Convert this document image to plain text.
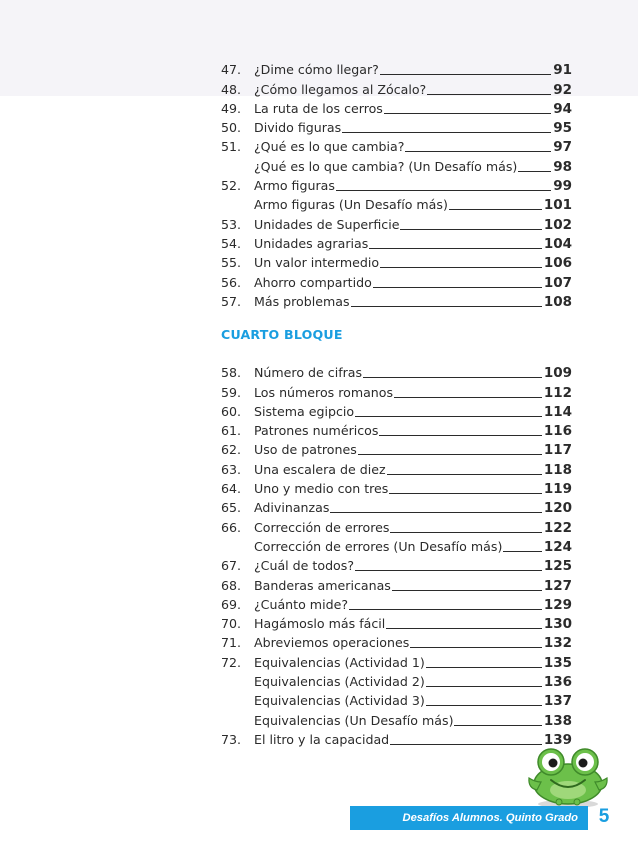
47.	¿Dime cómo llegar?	91
48.	¿Cómo llegamos al Zócalo?	92
49.	La ruta de los cerros	94
50.	Divido figuras	95
51.	¿Qué es lo que cambia?	97
¿Qué es lo que cambia? (Un Desafío más)	98
52.	Armo figuras	99
Armo figuras (Un Desafío más)	101
53.	Unidades de Superficie	102
54.	Unidades agrarias	104
55.	Un valor intermedio	106
56.	Ahorro compartido	107
57.	Más problemas	108
CUARTO BLOQUE
58.	Número de cifras	109
59.	Los números romanos	112
60.	Sistema egipcio	114
61.	Patrones numéricos	116
62.	Uso de patrones	117
63.	Una escalera de diez	118
64.	Uno y medio con tres	119
65.	Adivinanzas	120
66.	Corrección de errores	122
Corrección de errores (Un Desafío más)	124
67.	¿Cuál de todos?	125
68.	Banderas americanas	127
69.	¿Cuánto mide?	129
70.	Hagámoslo más fácil	130
71.	Abreviemos operaciones	132
72.	Equivalencias (Actividad 1)	135
Equivalencias (Actividad 2)	136
Equivalencias (Actividad 3)	137
Equivalencias (Un Desafío más)	138
73.	El litro y la capacidad	139
Desafíos Alumnos. Quinto Grado	5
